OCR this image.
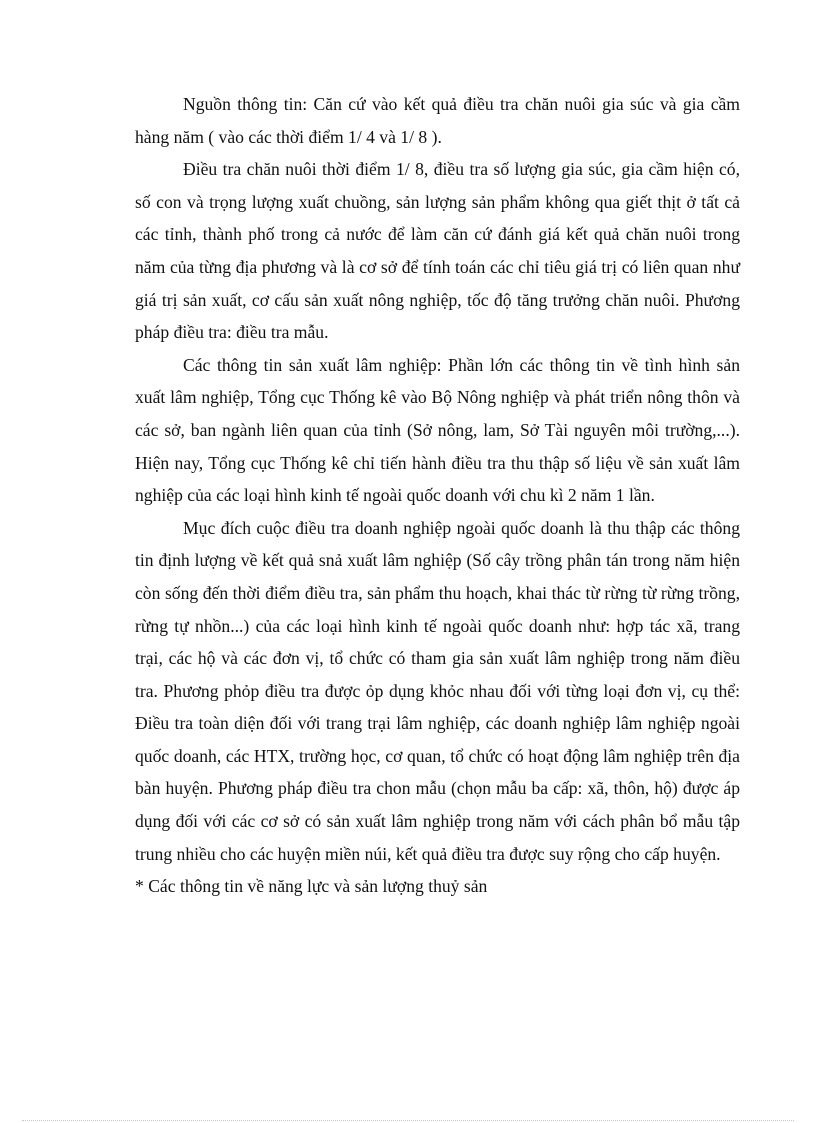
Nguồn thông tin: Căn cứ vào kết quả điều tra chăn nuôi gia súc và gia cầm hàng năm ( vào các thời điểm 1/ 4 và 1/ 8 ).

Điều tra chăn nuôi thời điểm 1/ 8, điều tra số lượng gia súc, gia cầm hiện có, số con và trọng lượng xuất chuồng, sản lượng sản phẩm không qua giết thịt ở tất cả các tỉnh, thành phố trong cả nước để làm căn cứ đánh giá kết quả chăn nuôi trong năm của từng địa phương và là cơ sở để tính toán các chỉ tiêu giá trị có liên quan như giá trị sản xuất, cơ cấu sản xuất nông nghiệp, tốc độ tăng trưởng chăn nuôi. Phương pháp điều tra: điều tra mẫu.

Các thông tin sản xuất lâm nghiệp: Phần lớn các thông tin về tình hình sản xuất lâm nghiệp, Tổng cục Thống kê vào Bộ Nông nghiệp và phát triển nông thôn và các sở, ban ngành liên quan của tỉnh (Sở nông, lam, Sở Tài nguyên môi trường,...). Hiện nay, Tổng cục Thống kê chỉ tiến hành điều tra thu thập số liệu về sản xuất lâm nghiệp của các loại hình kinh tế ngoài quốc doanh với chu kì 2 năm 1 lần.

Mục đích cuộc điều tra doanh nghiệp ngoài quốc doanh là thu thập các thông tin định lượng về kết quả snả xuất lâm nghiệp (Số cây trồng phân tán trong năm hiện còn sống đến thời điểm điều tra, sản phẩm thu hoạch, khai thác từ rừng từ rừng trồng, rừng tự nhồn...) của các loại hình kinh tế ngoài quốc doanh như: hợp tác xã, trang trại, các hộ và các đơn vị, tổ chức có tham gia sản xuất lâm nghiệp trong năm điều tra. Phương phỏp điều tra được ỏp dụng khỏc nhau đối với từng loại đơn vị, cụ thể: Điều tra toàn diện đối với trang trại lâm nghiệp, các doanh nghiệp lâm nghiệp ngoài quốc doanh, các HTX, trường học, cơ quan, tổ chức có hoạt động lâm nghiệp trên địa bàn huyện. Phương pháp điều tra chon mẫu (chọn mẫu ba cấp: xã, thôn, hộ) được áp dụng đối với các cơ sở có sản xuất lâm nghiệp trong năm với cách phân bổ mẫu tập trung nhiều cho các huyện miền núi, kết quả điều tra được suy rộng cho cấp huyện.

* Các thông tin về năng lực và sản lượng thuỷ sản
